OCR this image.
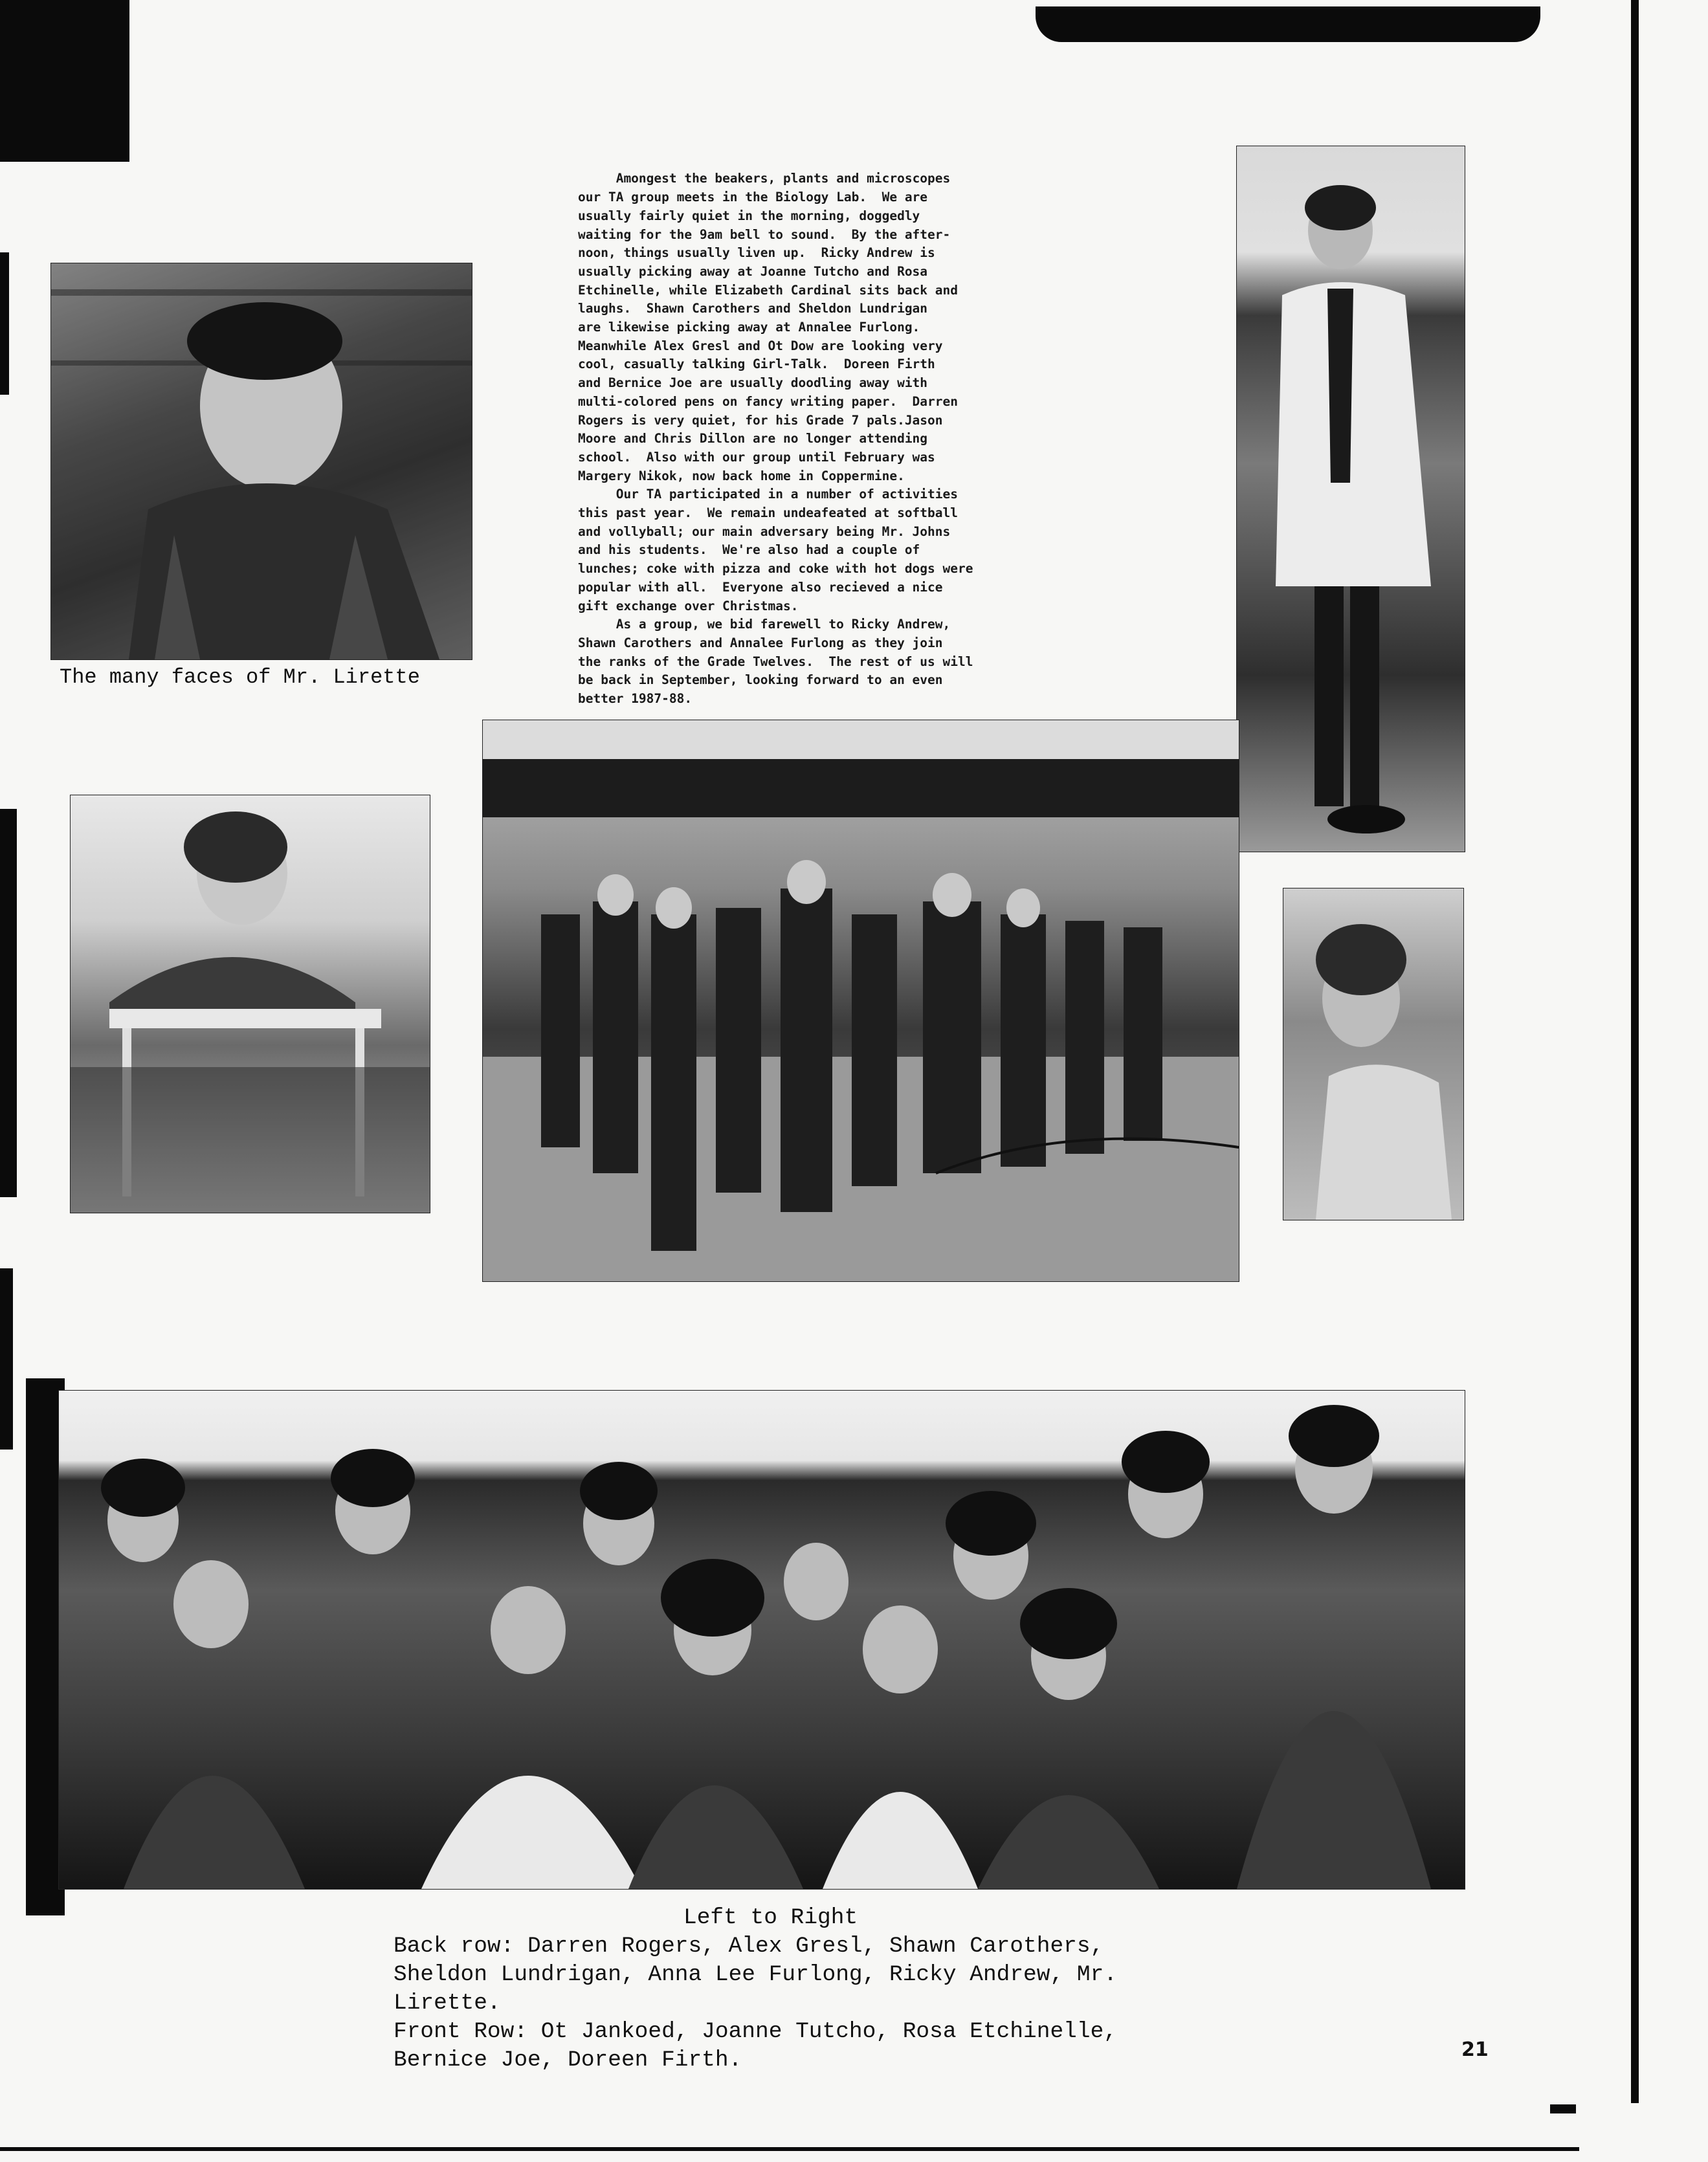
Amongest the beakers, plants and microscopes
our TA group meets in the Biology Lab.  We are
usually fairly quiet in the morning, doggedly
waiting for the 9am bell to sound.  By the after-
noon, things usually liven up.  Ricky Andrew is
usually picking away at Joanne Tutcho and Rosa
Etchinelle, while Elizabeth Cardinal sits back and
laughs.  Shawn Carothers and Sheldon Lundrigan
are likewise picking away at Annalee Furlong.
Meanwhile Alex Gresl and Ot Dow are looking very
cool, casually talking Girl-Talk.  Doreen Firth
and Bernice Joe are usually doodling away with
multi-colored pens on fancy writing paper.  Darren
Rogers is very quiet, for his Grade 7 pals.Jason
Moore and Chris Dillon are no longer attending
school.  Also with our group until February was
Margery Nikok, now back home in Coppermine.
Our TA participated in a number of activities
this past year.  We remain undeafeated at softball
and vollyball; our main adversary being Mr. Johns
and his students.  We're also had a couple of
lunches; coke with pizza and coke with hot dogs were
popular with all.  Everyone also recieved a nice
gift exchange over Christmas.
As a group, we bid farewell to Ricky Andrew,
Shawn Carothers and Annalee Furlong as they join
the ranks of the Grade Twelves.  The rest of us will
be back in September, looking forward to an even
better 1987-88.

The many faces of Mr. Lirette
Left to Right
Back row: Darren Rogers, Alex Gresl, Shawn Carothers,
Sheldon Lundrigan, Anna Lee Furlong, Ricky Andrew, Mr.
Lirette.
Front Row: Ot Jankoed, Joanne Tutcho, Rosa Etchinelle,
Bernice Joe, Doreen Firth.	21
